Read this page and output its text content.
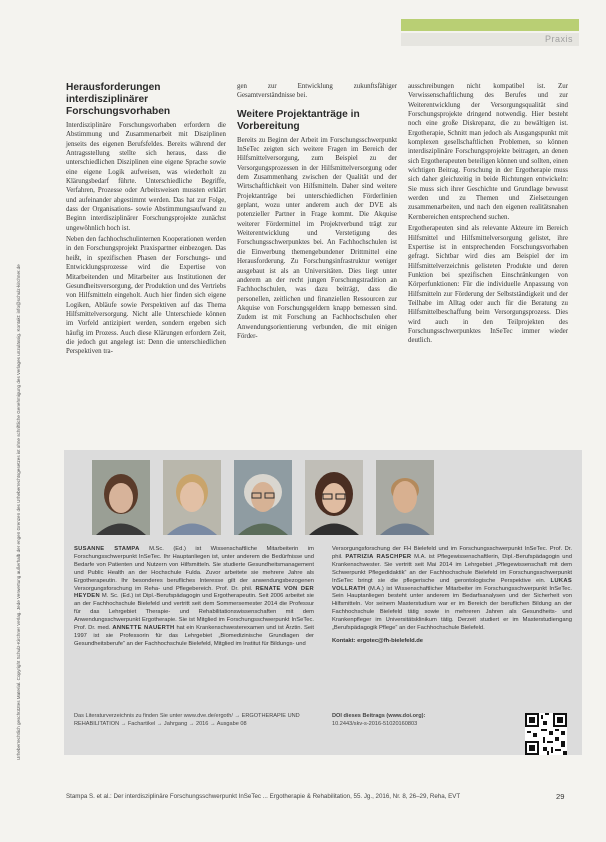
Urheberrechtlich geschütztes Material. Copyright Schulz-Kirchner Verlag. Jede Verwertung außerhalb der engen Grenzen des Urheberrechtsgesetzes ist ohne schriftliche Genehmigung des Verlages unzulässig. Kontakt: info@schulz-kirchner.de
Praxis
Herausforderungen interdisziplinärer Forschungsvorhaben

Interdisziplinäre Forschungsvorhaben erfordern die Abstimmung und Zusammenarbeit mit Disziplinen jenseits des eigenen Berufsfeldes. Bereits während der Antragsstellung stellte sich heraus, dass die unterschiedlichen Disziplinen eine eigene Sprache sowie eine eigene Logik aufweisen, was wiederholt zu Klärungsbedarf führte. Unterschiedliche Begriffe, Verfahren, Prozesse oder Arbeitsweisen mussten erklärt und aufeinander abgestimmt werden. Das hat zur Folge, dass der Organisations- sowie Abstimmungsaufwand zu Beginn interdisziplinärer Forschungsprojekte zunächst ungewöhnlich hoch ist.

Neben den fachhochschulinternen Kooperationen werden in den Forschungsprojekt Praxispartner einbezogen. Das heißt, in spezifischen Phasen der Forschungs- und Entwicklungsprozesse wird die Expertise von Mitarbeitenden und Mitarbeiter aus Institutionen der Gesundheitsversorgung, der Produktion und des Vertriebs von Hilfsmitteln eingeholt. Auch hier finden sich eigene Logiken, Abläufe sowie Perspektiven auf das Thema Hilfsmittelversorgung. Nicht alle Unterschiede können im Vorfeld antizipiert werden, sondern ergeben sich häufig im Prozess. Auch diese Klärungen erfordern Zeit, die jedoch gut angelegt ist: Denn die unterschiedlichen Perspektiven tra-

gen zur Entwicklung zukunftsfähiger Gesamtverständnisse bei.

Weitere Projektanträge in Vorbereitung

Bereits zu Beginn der Arbeit im Forschungsschwerpunkt InSeTec zeigten sich weitere Fragen im Bereich der Hilfsmittelversorgung, zum Beispiel zu der Versorgungsprozessen in der Hilfsmittelversorgung oder dem Zusammenhang zwischen der Qualität und der Wirtschaftlichkeit von Hilfsmitteln. Daher sind weitere Projektanträge bei unterschiedlichen Förderlinien geplant, wozu unter anderem auch der DVE als potenzieller Partner in Frage kommt. Die Akquise weiterer Fördermittel im Projektverbund trägt zur Weiterentwicklung und Verstetigung des Forschungsschwerpunktes bei. An Fachhochschulen ist die Einwerbung themengebundener Drittmittel eine Herausforderung. Zu Forschungsinfrastruktur weniger ausgebaut ist als an Universitäten. Dies liegt unter anderem an der recht jungen Forschungstradition an Fachhochschulen, was dazu beiträgt, dass die personellen, zeitlichen und finanziellen Ressourcen zur Akquise von Forschungsgeldern knapp bemessen sind. Zudem ist mit Forschung an Fachhochschulen eher Anwendungsorientierung verbunden, die mit einigen Förder-

ausschreibungen nicht kompatibel ist. Zur Verwissenschaftlichung des Berufes und zur Weiterentwicklung der Versorgungsqualität sind Forschungsprojekte dringend notwendig. Hier besteht noch eine große Diskrepanz, die zu bewältigen ist. Ergotherapie, Schnitt man jedoch als Ausgangspunkt mit komplexen gesellschaftlichen Problemen, so können interdisziplinäre Forschungsprojekte beitragen, an denen sich Ergotherapeuten beteiligen können und sollten, einen wichtigen Beitrag. Forschung in der Ergotherapie muss sich daher gleichzeitig in beide Richtungen entwickeln: Sie muss sich ihrer Geschichte und Grundlage bewusst werden und zu Themen und Zielsetzungen zusammenarbeiten, und nach den eigenen realitätsnahen Kernbereichen entsprechend suchen.

Ergotherapeuten sind als relevante Akteure im Bereich Hilfsmittel und Hilfsmittelversorgung gelistet, ihre Expertise ist in entsprechenden Forschungsvorhaben gefragt. Sichtbar wird dies am Beispiel der im Hilfsmittelverzeichnis gelisteten Produkte und deren Funktion bei spezifischen Einschränkungen von Körperfunktionen: Für die individuelle Anpassung von Hilfsmitteln zur Förderung der Selbstständigkeit und der Teilhabe im Alltag oder auch für die Beratung zu Hilfsmittelbeschaffung beim Versorgungsprozess. Dies wird auch in den Teilprojekten des Forschungsschwerpunktes InSeTec immer wieder deutlich.

SUSANNE STAMPA M.Sc. (Ed.) ist Wissenschaftliche Mitarbeiterin im Forschungsschwerpunkt InSeTec. Ihr Hauptanliegen ist, unter anderem die Bedürfnisse und Bedarfe von Patienten und Nutzern von Hilfsmitteln. Sie studierte Gesundheitsmanagement und Public Health an der Hochschule Fulda. Zuvor arbeitete sie mehrere Jahre als Ergotherapeutin. Ihr besonderes berufliches Interesse gilt der anwendungsbezogenen Versorgungsforschung im Reha- und Pflegebereich. Prof. Dr. phil. RENATE VON DER HEYDEN M. Sc. (Ed.) ist Dipl.-Berufspädagogin und Ergotherapeutin. Seit 2006 arbeitet sie an der Fachhochschule Bielefeld und vertritt seit dem Sommersemester 2014 die Professur für das Lehrgebiet Therapie- und Rehabilitationswissenschaften mit dem Anwendungsschwerpunkt Ergotherapie. Sie ist Mitglied im Forschungsschwerpunkt InSeTec. Prof. Dr. med. ANNETTE NAUERTH hat ein Krankenschwesterexamen und ist Ärztin. Seit 1997 ist sie Professorin für das Lehrgebiet „Biomedizinische Grundlagen der Gesundheitsberufe“ an der Fachhochschule Bielefeld, Mitglied im Institut für Bildungs- und

Versorgungsforschung der FH Bielefeld und im Forschungsschwerpunkt InSeTec. Prof. Dr. phil. PATRIZIA RASCHPER M.A. ist Pflegewissenschaftlerin, Dipl.-Berufspädagogin und Krankenschwester. Sie vertritt seit Mai 2014 im Lehrgebiet „Pflegewissenschaft mit dem Schwerpunkt Pflegedidaktik“ an der Fachhochschule Bielefeld im Forschungsschwerpunkt InSeTec bringt sie die pflegerische und gerontologische Perspektive ein. LUKAS VOLLRATH (M.A.) ist Wissenschaftlicher Mitarbeiter im Forschungsschwerpunkt InSeTec. Sein Hauptanliegen besteht unter anderem im Bedarfsanalysen und der Sicherheit von Hilfsmitteln. Vor seinem Masterstudium war er im Bereich der beruflichen Bildung an der Fachhochschule Bielefeld tätig sowie in mehreren Jahren als Gesundheits- und Krankenpfleger im Universitätsklinikum tätig. Derzeit studiert er im Masterstudiengang „Berufspädagogik Pflege“ an der Fachhochschule Bielefeld.

Kontakt: ergotec@fh-bielefeld.de
Das Literaturverzeichnis zu finden Sie unter www.dve.de/ergoth/ → ERGOTHERAPIE UND REHABILITATION → Fachartikel → Jahrgang → 2016 → Ausgabe 08
DOI dieses Beitrags (www.doi.org):
10.2443/skv-s-2016-51020160803
Stampa S. et al.: Der interdisziplinäre Forschungsschwerpunkt InSeTec ... Ergotherapie & Rehabilitation, 55. Jg., 2016, Nr. 8, 26–29, Reha, EVT	29
